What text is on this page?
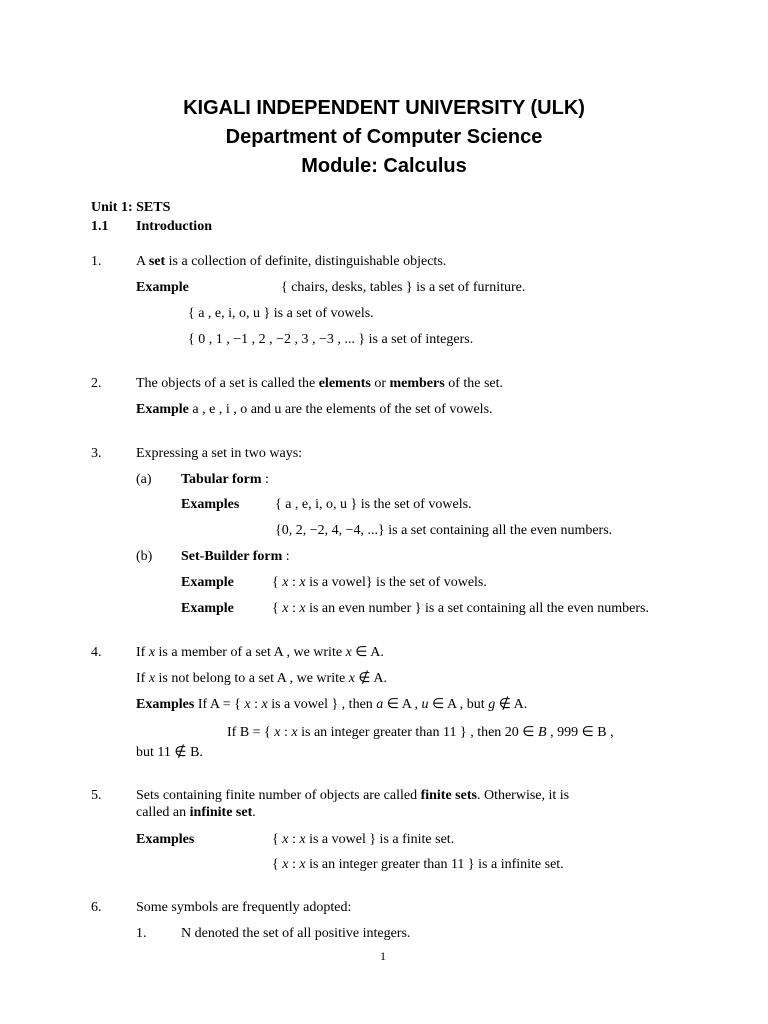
KIGALI INDEPENDENT UNIVERSITY (ULK)
Department of Computer Science
Module: Calculus
Unit 1: SETS
1.1 Introduction
1. A set is a collection of definite, distinguishable objects.
Example	{ chairs, desks, tables } is a set of furniture.
{ a , e, i, o, u } is a set of vowels.
{ 0 , 1 , −1 , 2 , −2 , 3 , −3 , ... } is a set of integers.
2. The objects of a set is called the elements or members of the set.
Example a , e , i , o and u are the elements of the set of vowels.
3. Expressing a set in two ways:
(a) Tabular form :
Examples	{ a , e, i, o, u } is the set of vowels.
{0, 2, −2, 4, −4, ...} is a set containing all the even numbers.
(b) Set-Builder form :
Example	{ x : x is a vowel} is the set of vowels.
Example	{ x : x is an even number } is a set containing all the even numbers.
4. If x is a member of a set A , we write x ∈ A.
If x is not belong to a set A , we write x ∉ A.
Examples If A = { x : x is a vowel } , then a ∈ A , u ∈ A , but g ∉ A.
If B = { x : x is an integer greater than 11 } , then 20 ∈ B , 999 ∈ B ,
but 11 ∉ B.
5. Sets containing finite number of objects are called finite sets. Otherwise, it is
called an infinite set.
Examples	{ x : x is a vowel } is a finite set.
{ x : x is an integer greater than 11 } is a infinite set.
6. Some symbols are frequently adopted:
1. N denoted the set of all positive integers.
1
